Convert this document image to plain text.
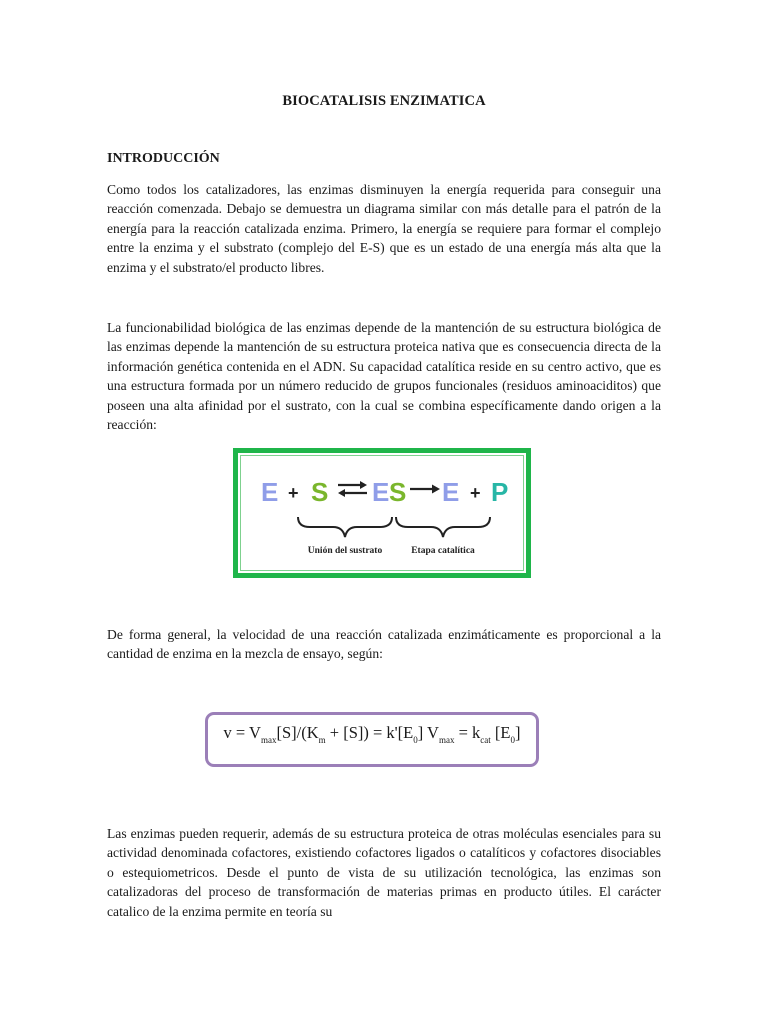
BIOCATALISIS ENZIMATICA
INTRODUCCIÓN

Como todos los catalizadores, las enzimas disminuyen la energía requerida para conseguir una reacción comenzada. Debajo se demuestra un diagrama similar con más detalle para el patrón de la energía para la reacción catalizada enzima. Primero, la energía se requiere para formar el complejo entre la enzima y el substrato (complejo del E-S) que es un estado de una energía más alta que la enzima y el substrato/el producto libres.

La funcionabilidad biológica de las enzimas depende de la mantención de su estructura biológica de las enzimas depende la mantención de su estructura proteica nativa que es consecuencia directa de la información genética contenida en el ADN. Su capacidad catalítica reside en su centro activo, que es una estructura formada por un número reducido de grupos funcionales (residuos aminoaciditos) que poseen una alta afinidad por el sustrato, con la cual se combina específicamente dando origen a la reacción:

E + S E S E + P
Unión del sustrato	Etapa catalítica

De forma general, la velocidad de una reacción catalizada enzimáticamente es proporcional a la cantidad de enzima en la mezcla de ensayo, según:

$v = V_{max}[S]/(K_m + [S]) = k'[E_0] V_{max} = k_{cat}$ $[E_0]$

Las enzimas pueden requerir, además de su estructura proteica de otras moléculas esenciales para su actividad denominada cofactores, existiendo cofactores ligados o catalíticos y cofactores disociables o estequiometricos. Desde el punto de vista de su utilización tecnológica, las enzimas son catalizadoras del proceso de transformación de materias primas en producto útiles. El carácter catalico de la enzima permite en teoría su
